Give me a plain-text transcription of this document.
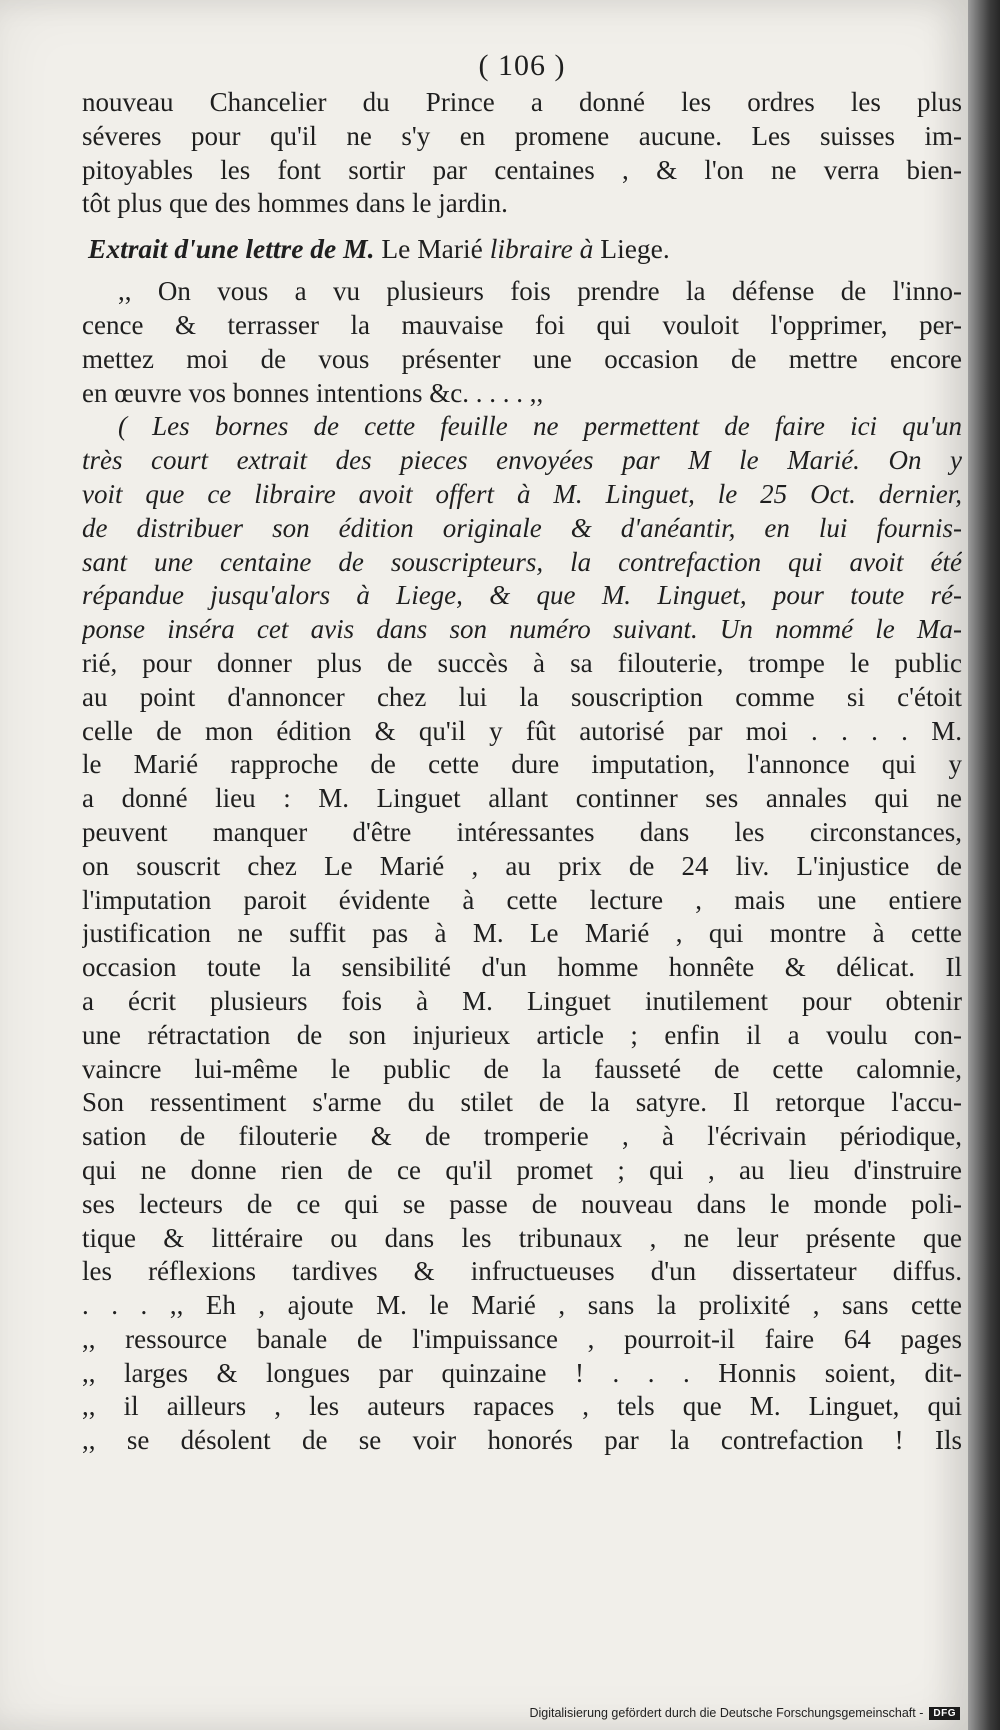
( 106 )
nouveau Chancelier du Prince a donné les ordres les plus
séveres pour qu'il ne s'y en promene aucune. Les suisses im-
pitoyables les font sortir par centaines , & l'on ne verra bien-
tôt plus que des hommes dans le jardin.
Extrait d'une lettre de M. Le Marié libraire à Liege.
,, On vous a vu plusieurs fois prendre la défense de l'inno-
cence & terrasser la mauvaise foi qui vouloit l'opprimer, per-
mettez moi de vous présenter une occasion de mettre encore
en œuvre vos bonnes intentions &c. . . . . ,,
( Les bornes de cette feuille ne permettent de faire ici qu'un
très court extrait des pieces envoyées par M le Marié. On y
voit que ce libraire avoit offert à M. Linguet, le 25 Oct. dernier,
de distribuer son édition originale & d'anéantir, en lui fournis-
sant une centaine de souscripteurs, la contrefaction qui avoit été
répandue jusqu'alors à Liege, & que M. Linguet, pour toute ré-
ponse inséra cet avis dans son numéro suivant. Un nommé le Ma-
rié, pour donner plus de succès à sa filouterie, trompe le public
au point d'annoncer chez lui la souscription comme si c'étoit
celle de mon édition & qu'il y fût autorisé par moi . . . . M.
le Marié rapproche de cette dure imputation, l'annonce qui y
a donné lieu : M. Linguet allant continner ses annales qui ne
peuvent manquer d'être intéressantes dans les circonstances,
on souscrit chez Le Marié , au prix de 24 liv. L'injustice de
l'imputation paroit évidente à cette lecture , mais une entiere
justification ne suffit pas à M. Le Marié , qui montre à cette
occasion toute la sensibilité d'un homme honnête & délicat. Il
a écrit plusieurs fois à M. Linguet inutilement pour obtenir
une rétractation de son injurieux article ; enfin il a voulu con-
vaincre lui-même le public de la fausseté de cette calomnie,
Son ressentiment s'arme du stilet de la satyre. Il retorque l'accu-
sation de filouterie & de tromperie , à l'écrivain périodique,
qui ne donne rien de ce qu'il promet ; qui , au lieu d'instruire
ses lecteurs de ce qui se passe de nouveau dans le monde poli-
tique & littéraire ou dans les tribunaux , ne leur présente que
les réflexions tardives & infructueuses d'un dissertateur diffus.
. . . ,, Eh , ajoute M. le Marié , sans la prolixité , sans cette
,, ressource banale de l'impuissance , pourroit-il faire 64 pages
,, larges & longues par quinzaine ! . . . Honnis soient, dit-
,, il ailleurs , les auteurs rapaces , tels que M. Linguet, qui
,, se désolent de se voir honorés par la contrefaction ! Ils
Digitalisierung gefördert durch die Deutsche Forschungsgemeinschaft -	DFG
